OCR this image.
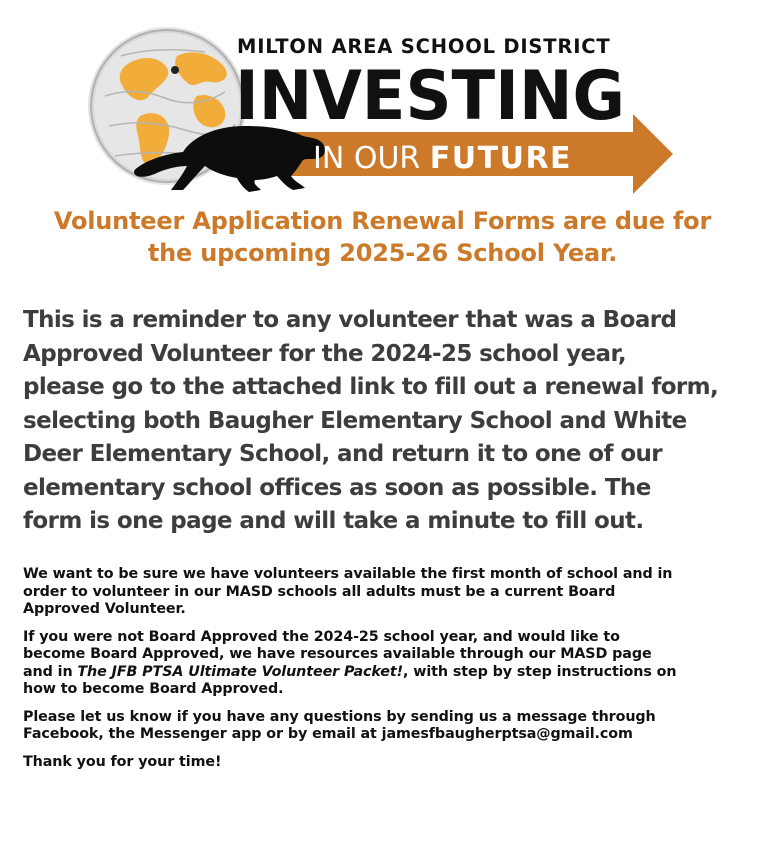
MILTON AREA SCHOOL DISTRICT
INVESTING
IN OUR FUTURE
Volunteer Application Renewal Forms are due for
the upcoming 2025-26 School Year.
This is a reminder to any volunteer that was a Board
Approved Volunteer for the 2024-25 school year,
please go to the attached link to fill out a renewal form,
selecting both Baugher Elementary School and White
Deer Elementary School, and return it to one of our
elementary school offices as soon as possible. The
form is one page and will take a minute to fill out.

We want to be sure we have volunteers available the first month of school and in
order to volunteer in our MASD schools all adults must be a current Board
Approved Volunteer.

If you were not Board Approved the 2024-25 school year, and would like to
become Board Approved, we have resources available through our MASD page
and in The JFB PTSA Ultimate Volunteer Packet!, with step by step instructions on
how to become Board Approved.

Please let us know if you have any questions by sending us a message through
Facebook, the Messenger app or by email at jamesfbaugherptsa@gmail.com

Thank you for your time!
